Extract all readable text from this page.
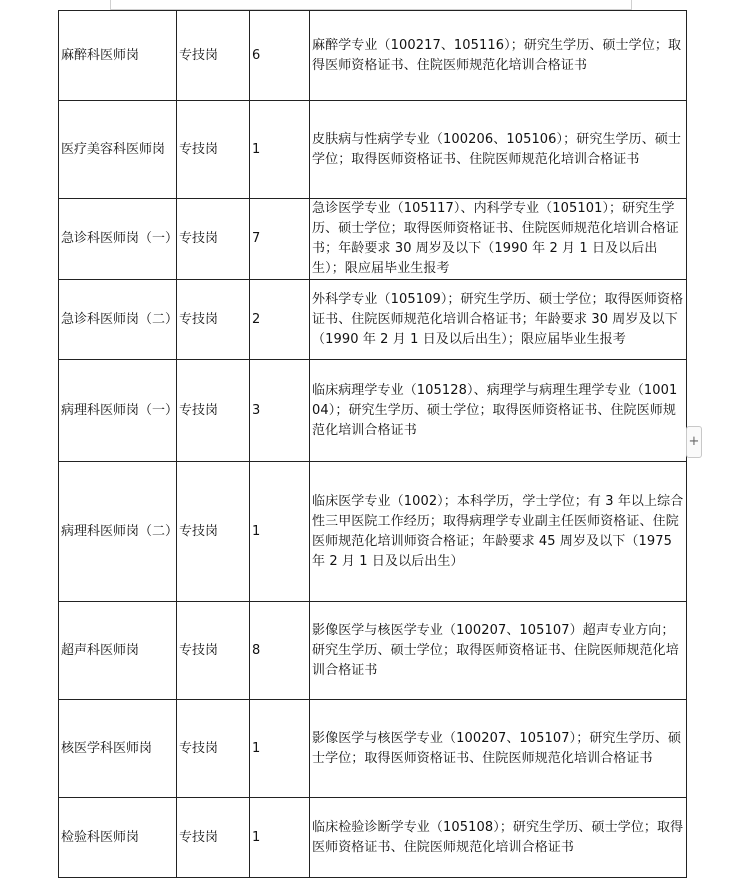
麻醉科医师岗	专技岗	6	麻醉学专业（100217、105116）；研究生学历、硕士学位；取得医师资格证书、住院医师规范化培训合格证书
医疗美容科医师岗	专技岗	1	皮肤病与性病学专业（100206、105106）；研究生学历、硕士学位；取得医师资格证书、住院医师规范化培训合格证书
急诊科医师岗（一）	专技岗	7	急诊医学专业（105117）、内科学专业（105101）；研究生学历、硕士学位；取得医师资格证书、住院医师规范化培训合格证书；年龄要求 30 周岁及以下（1990 年 2 月 1 日及以后出生）；限应届毕业生报考
急诊科医师岗（二）	专技岗	2	外科学专业（105109）；研究生学历、硕士学位；取得医师资格证书、住院医师规范化培训合格证书；年龄要求 30 周岁及以下（1990 年 2 月 1 日及以后出生）；限应届毕业生报考
病理科医师岗（一）	专技岗	3	临床病理学专业（105128）、病理学与病理生理学专业（100104）；研究生学历、硕士学位；取得医师资格证书、住院医师规范化培训合格证书
病理科医师岗（二）	专技岗	1	临床医学专业（1002）；本科学历，学士学位；有 3 年以上综合性三甲医院工作经历；取得病理学专业副主任医师资格证、住院医师规范化培训师资合格证；年龄要求 45 周岁及以下（1975 年 2 月 1 日及以后出生）
超声科医师岗	专技岗	8	影像医学与核医学专业（100207、105107）超声专业方向；研究生学历、硕士学位；取得医师资格证书、住院医师规范化培训合格证书
核医学科医师岗	专技岗	1	影像医学与核医学专业（100207、105107）；研究生学历、硕士学位；取得医师资格证书、住院医师规范化培训合格证书
检验科医师岗	专技岗	1	临床检验诊断学专业（105108）；研究生学历、硕士学位；取得医师资格证书、住院医师规范化培训合格证书
+
